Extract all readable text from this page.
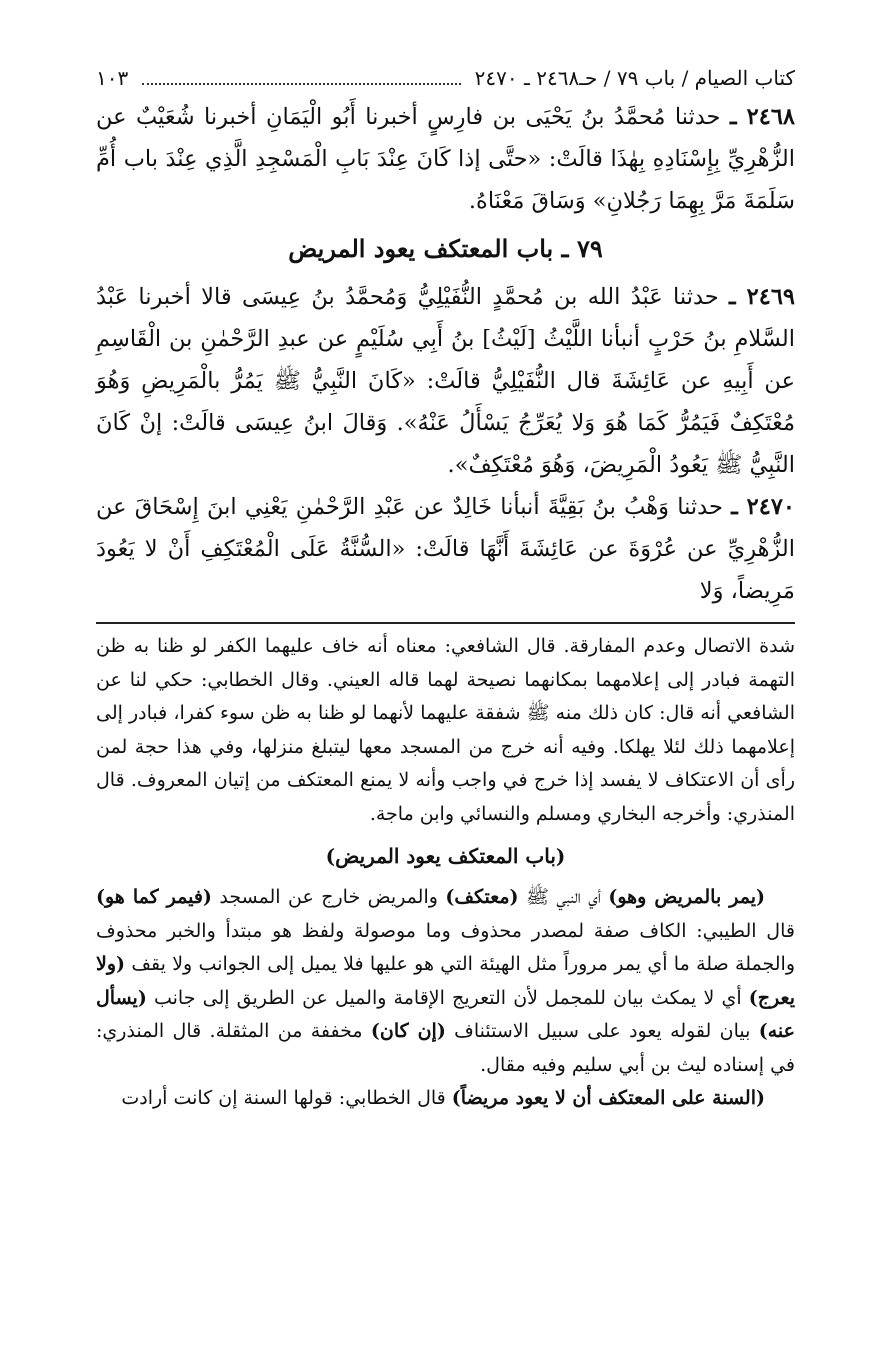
كتاب الصيام / باب ٧٩ / حـ٢٤٦٨ ـ ٢٤٧٠
١٠٣

٢٤٦٨ ـ حدثنا مُحمَّدُ بنُ يَحْيَى بن فارِسٍ أخبرنا أَبُو الْيَمَانِ أخبرنا شُعَيْبٌ عن الزُّهْرِيِّ بِإِسْنَادِهِ بِهٰذَا قالَتْ: «حتَّى إذا كَانَ عِنْدَ بَابِ الْمَسْجِدِ الَّذِي عِنْدَ باب أُمِّ سَلَمَةَ مَرَّ بِهِمَا رَجُلانِ» وَسَاقَ مَعْنَاهُ.

٧٩ ـ باب المعتكف يعود المريض

٢٤٦٩ ـ حدثنا عَبْدُ الله بن مُحمَّدٍ النُّفَيْلِيُّ وَمُحمَّدُ بنُ عِيسَى قالا أخبرنا عَبْدُ السَّلامِ بنُ حَرْبٍ أنبأنا اللَّيْثُ [لَيْثُ] بنُ أَبِي سُلَيْمٍ عن عبدِ الرَّحْمٰنِ بن الْقَاسِمِ عن أَبِيهِ عن عَائِشَةَ قال النُّفَيْلِيُّ قالَتْ: «كَانَ النَّبِيُّ ﷺ يَمُرُّ بالْمَرِيضِ وَهُوَ مُعْتَكِفٌ فَيَمُرُّ كَمَا هُوَ وَلا يُعَرِّجُ يَسْأَلُ عَنْهُ». وَقالَ ابنُ عِيسَى قالَتْ: إنْ كَانَ النَّبِيُّ ﷺ يَعُودُ الْمَرِيضَ، وَهُوَ مُعْتَكِفٌ».

٢٤٧٠ ـ حدثنا وَهْبُ بنُ بَقِيَّةَ أنبأنا خَالِدٌ عن عَبْدِ الرَّحْمٰنِ يَعْنِي ابنَ إِسْحَاقَ عن الزُّهْرِيِّ عن عُرْوَةَ عن عَائِشَةَ أَنَّهَا قالَتْ: «السُّنَّةُ عَلَى الْمُعْتَكِفِ أَنْ لا يَعُودَ مَرِيضاً، وَلا

شدة الاتصال وعدم المفارقة. قال الشافعي: معناه أنه خاف عليهما الكفر لو ظنا به ظن التهمة فبادر إلى إعلامهما بمكانهما نصيحة لهما قاله العيني. وقال الخطابي: حكي لنا عن الشافعي أنه قال: كان ذلك منه ﷺ شفقة عليهما لأنهما لو ظنا به ظن سوء كفرا، فبادر إلى إعلامهما ذلك لئلا يهلكا. وفيه أنه خرج من المسجد معها ليتبلغ منزلها، وفي هذا حجة لمن رأى أن الاعتكاف لا يفسد إذا خرج في واجب وأنه لا يمنع المعتكف من إتيان المعروف. قال المنذري: وأخرجه البخاري ومسلم والنسائي وابن ماجة.

(باب المعتكف يعود المريض)

(يمر بالمريض وهو) أي النبي ﷺ (معتكف) والمريض خارج عن المسجد (فيمر كما هو) قال الطيبي: الكاف صفة لمصدر محذوف وما موصولة ولفظ هو مبتدأ والخبر محذوف والجملة صلة ما أي يمر مروراً مثل الهيئة التي هو عليها فلا يميل إلى الجوانب ولا يقف (ولا يعرج) أي لا يمكث بيان للمجمل لأن التعريج الإقامة والميل عن الطريق إلى جانب (يسأل عنه) بيان لقوله يعود على سبيل الاستئناف (إن كان) مخففة من المثقلة. قال المنذري: في إسناده ليث بن أبي سليم وفيه مقال.

(السنة على المعتكف أن لا يعود مريضاً) قال الخطابي: قولها السنة إن كانت أرادت
